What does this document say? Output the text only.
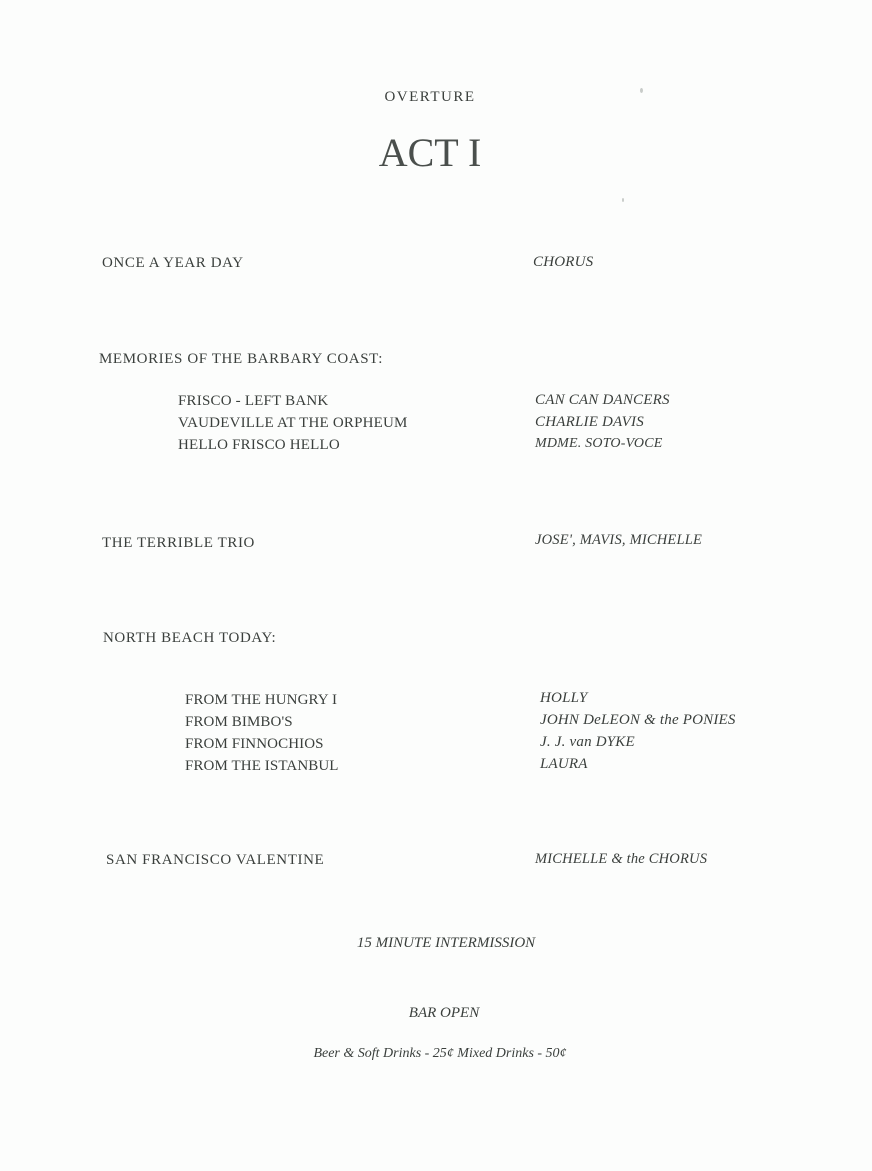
OVERTURE
ACT I
ONCE A YEAR DAY	CHORUS
MEMORIES OF THE BARBARY COAST:
FRISCO - LEFT BANK	CAN CAN DANCERS
VAUDEVILLE AT THE ORPHEUM	CHARLIE DAVIS
HELLO FRISCO HELLO	MDME. SOTO-VOCE
THE TERRIBLE TRIO	JOSE', MAVIS, MICHELLE
NORTH BEACH TODAY:
FROM THE HUNGRY I	HOLLY
FROM BIMBO'S	JOHN DeLEON & the PONIES
FROM FINNOCHIOS	J. J. van DYKE
FROM THE ISTANBUL	LAURA
SAN FRANCISCO VALENTINE	MICHELLE & the CHORUS
15 MINUTE INTERMISSION
BAR OPEN
Beer & Soft Drinks - 25¢ Mixed Drinks - 50¢
